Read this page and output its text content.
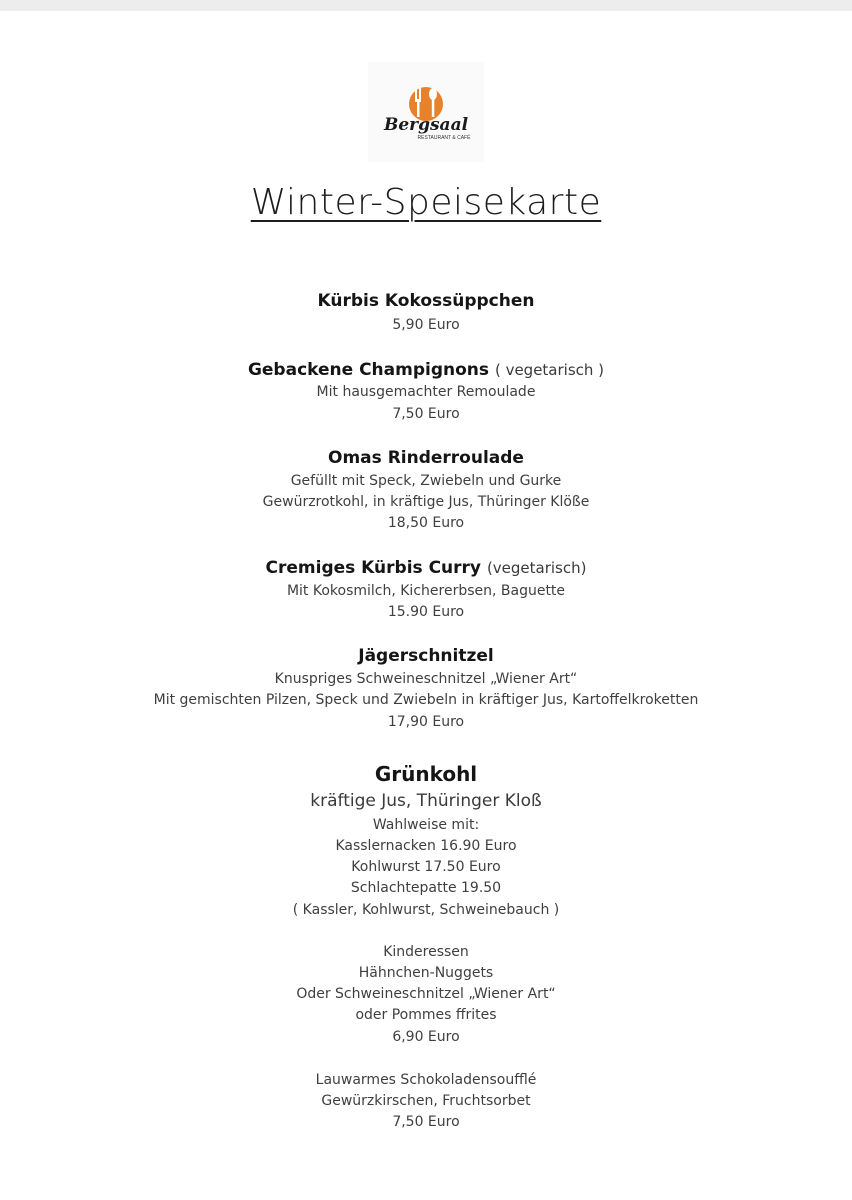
Bergsaal
RESTAURANT & CAFÉ
Winter-Speisekarte
Kürbis Kokossüppchen
5,90 Euro
Gebackene Champignons ( vegetarisch )
Mit hausgemachter Remoulade
7,50 Euro
Omas Rinderroulade
Gefüllt mit Speck, Zwiebeln und Gurke
Gewürzrotkohl, in kräftige Jus, Thüringer Klöße
18,50 Euro
Cremiges Kürbis Curry (vegetarisch)
Mit Kokosmilch, Kichererbsen, Baguette
15.90 Euro
Jägerschnitzel
Knuspriges Schweineschnitzel „Wiener Art“
Mit gemischten Pilzen, Speck und Zwiebeln in kräftiger Jus, Kartoffelkroketten
17,90 Euro
Grünkohl
kräftige Jus, Thüringer Kloß
Wahlweise mit:
Kasslernacken 16.90 Euro
Kohlwurst 17.50 Euro
Schlachtepatte 19.50
( Kassler, Kohlwurst, Schweinebauch )
Kinderessen
Hähnchen-Nuggets
Oder Schweineschnitzel „Wiener Art“
oder Pommes ffrites
6,90 Euro
Lauwarmes Schokoladensoufflé
Gewürzkirschen, Fruchtsorbet
7,50 Euro
